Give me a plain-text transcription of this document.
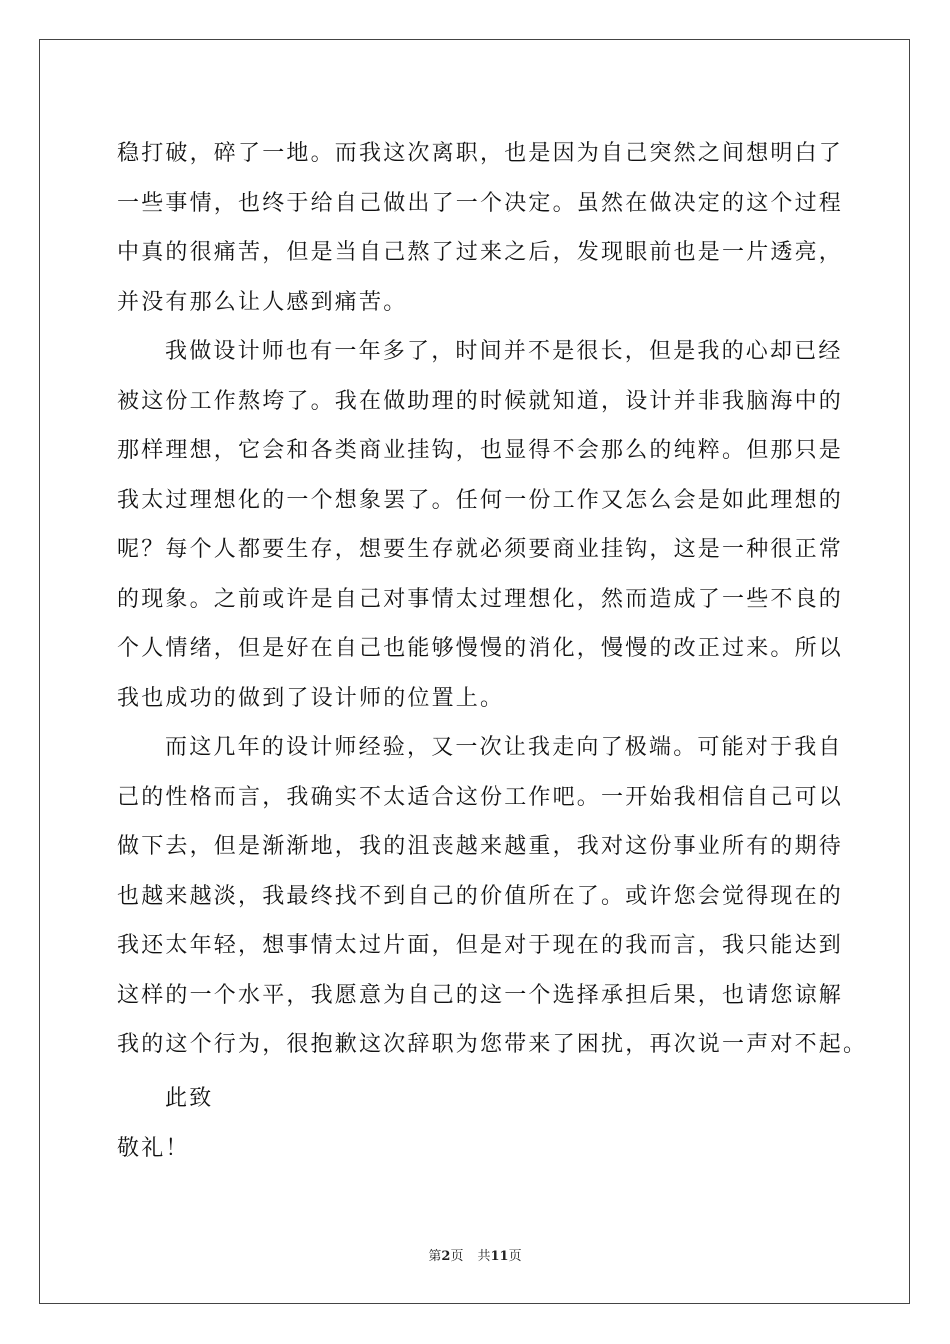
稳打破，碎了一地。而我这次离职，也是因为自己突然之间想明白了
一些事情，也终于给自己做出了一个决定。虽然在做决定的这个过程
中真的很痛苦，但是当自己熬了过来之后，发现眼前也是一片透亮，
并没有那么让人感到痛苦。
我做设计师也有一年多了，时间并不是很长，但是我的心却已经
被这份工作熬垮了。我在做助理的时候就知道，设计并非我脑海中的
那样理想，它会和各类商业挂钩，也显得不会那么的纯粹。但那只是
我太过理想化的一个想象罢了。任何一份工作又怎么会是如此理想的
呢？每个人都要生存，想要生存就必须要商业挂钩，这是一种很正常
的现象。之前或许是自己对事情太过理想化，然而造成了一些不良的
个人情绪，但是好在自己也能够慢慢的消化，慢慢的改正过来。所以
我也成功的做到了设计师的位置上。
而这几年的设计师经验，又一次让我走向了极端。可能对于我自
己的性格而言，我确实不太适合这份工作吧。一开始我相信自己可以
做下去，但是渐渐地，我的沮丧越来越重，我对这份事业所有的期待
也越来越淡，我最终找不到自己的价值所在了。或许您会觉得现在的
我还太年轻，想事情太过片面，但是对于现在的我而言，我只能达到
这样的一个水平，我愿意为自己的这一个选择承担后果，也请您谅解
我的这个行为，很抱歉这次辞职为您带来了困扰，再次说一声对不起。
此致
敬礼！
第2页 共11页
